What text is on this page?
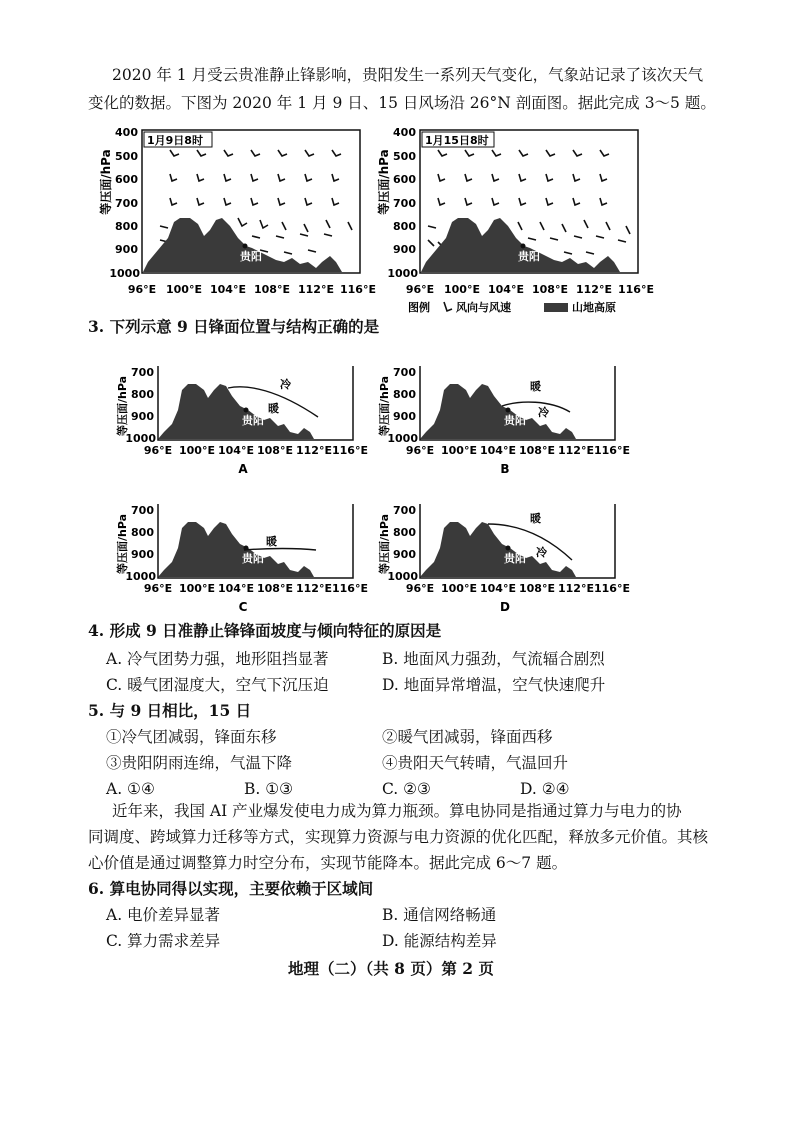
2020 年 1 月受云贵准静止锋影响，贵阳发生一系列天气变化，气象站记录了该次天气
变化的数据。下图为 2020 年 1 月 9 日、15 日风场沿 26°N 剖面图。据此完成 3～5 题。
等压面/hPa
400
500
600
700
800
900
1000
1月9日8时
贵阳
96°E 100°E 104°E 108°E 112°E 116°E
等压面/hPa
400
500
600
700
800
900
1000
1月15日8时
贵阳
96°E 100°E 104°E 108°E 112°E 116°E
图例 风向与风速	山地高原
3. 下列示意 9 日锋面位置与结构正确的是
等压面/hPa
700
800
900
1000
贵阳
冷
暖
96°E 100°E 104°E 108°E 112°E 116°E
A
等压面/hPa
700
800
900
1000
贵阳
暖
冷
96°E 100°E 104°E 108°E 112°E 116°E
B
等压面/hPa
700
800
900
1000
贵阳
暖
96°E 100°E 104°E 108°E 112°E 116°E
C
等压面/hPa
700
800
900
1000
贵阳
暖
冷
96°E 100°E 104°E 108°E 112°E 116°E
D
4. 形成 9 日准静止锋锋面坡度与倾向特征的原因是
A. 冷气团势力强，地形阻挡显著	B. 地面风力强劲，气流辐合剧烈
C. 暖气团湿度大，空气下沉压迫	D. 地面异常增温，空气快速爬升
5. 与 9 日相比，15 日
①冷气团减弱，锋面东移	②暖气团减弱，锋面西移
③贵阳阴雨连绵，气温下降	④贵阳天气转晴，气温回升
A. ①④	B. ①③	C. ②③	D. ②④
近年来，我国 AI 产业爆发使电力成为算力瓶颈。算电协同是指通过算力与电力的协
同调度、跨域算力迁移等方式，实现算力资源与电力资源的优化匹配，释放多元价值。其核
心价值是通过调整算力时空分布，实现节能降本。据此完成 6～7 题。
6. 算电协同得以实现，主要依赖于区域间
A. 电价差异显著	B. 通信网络畅通
C. 算力需求差异	D. 能源结构差异
地理（二）（共 8 页）第 2 页
